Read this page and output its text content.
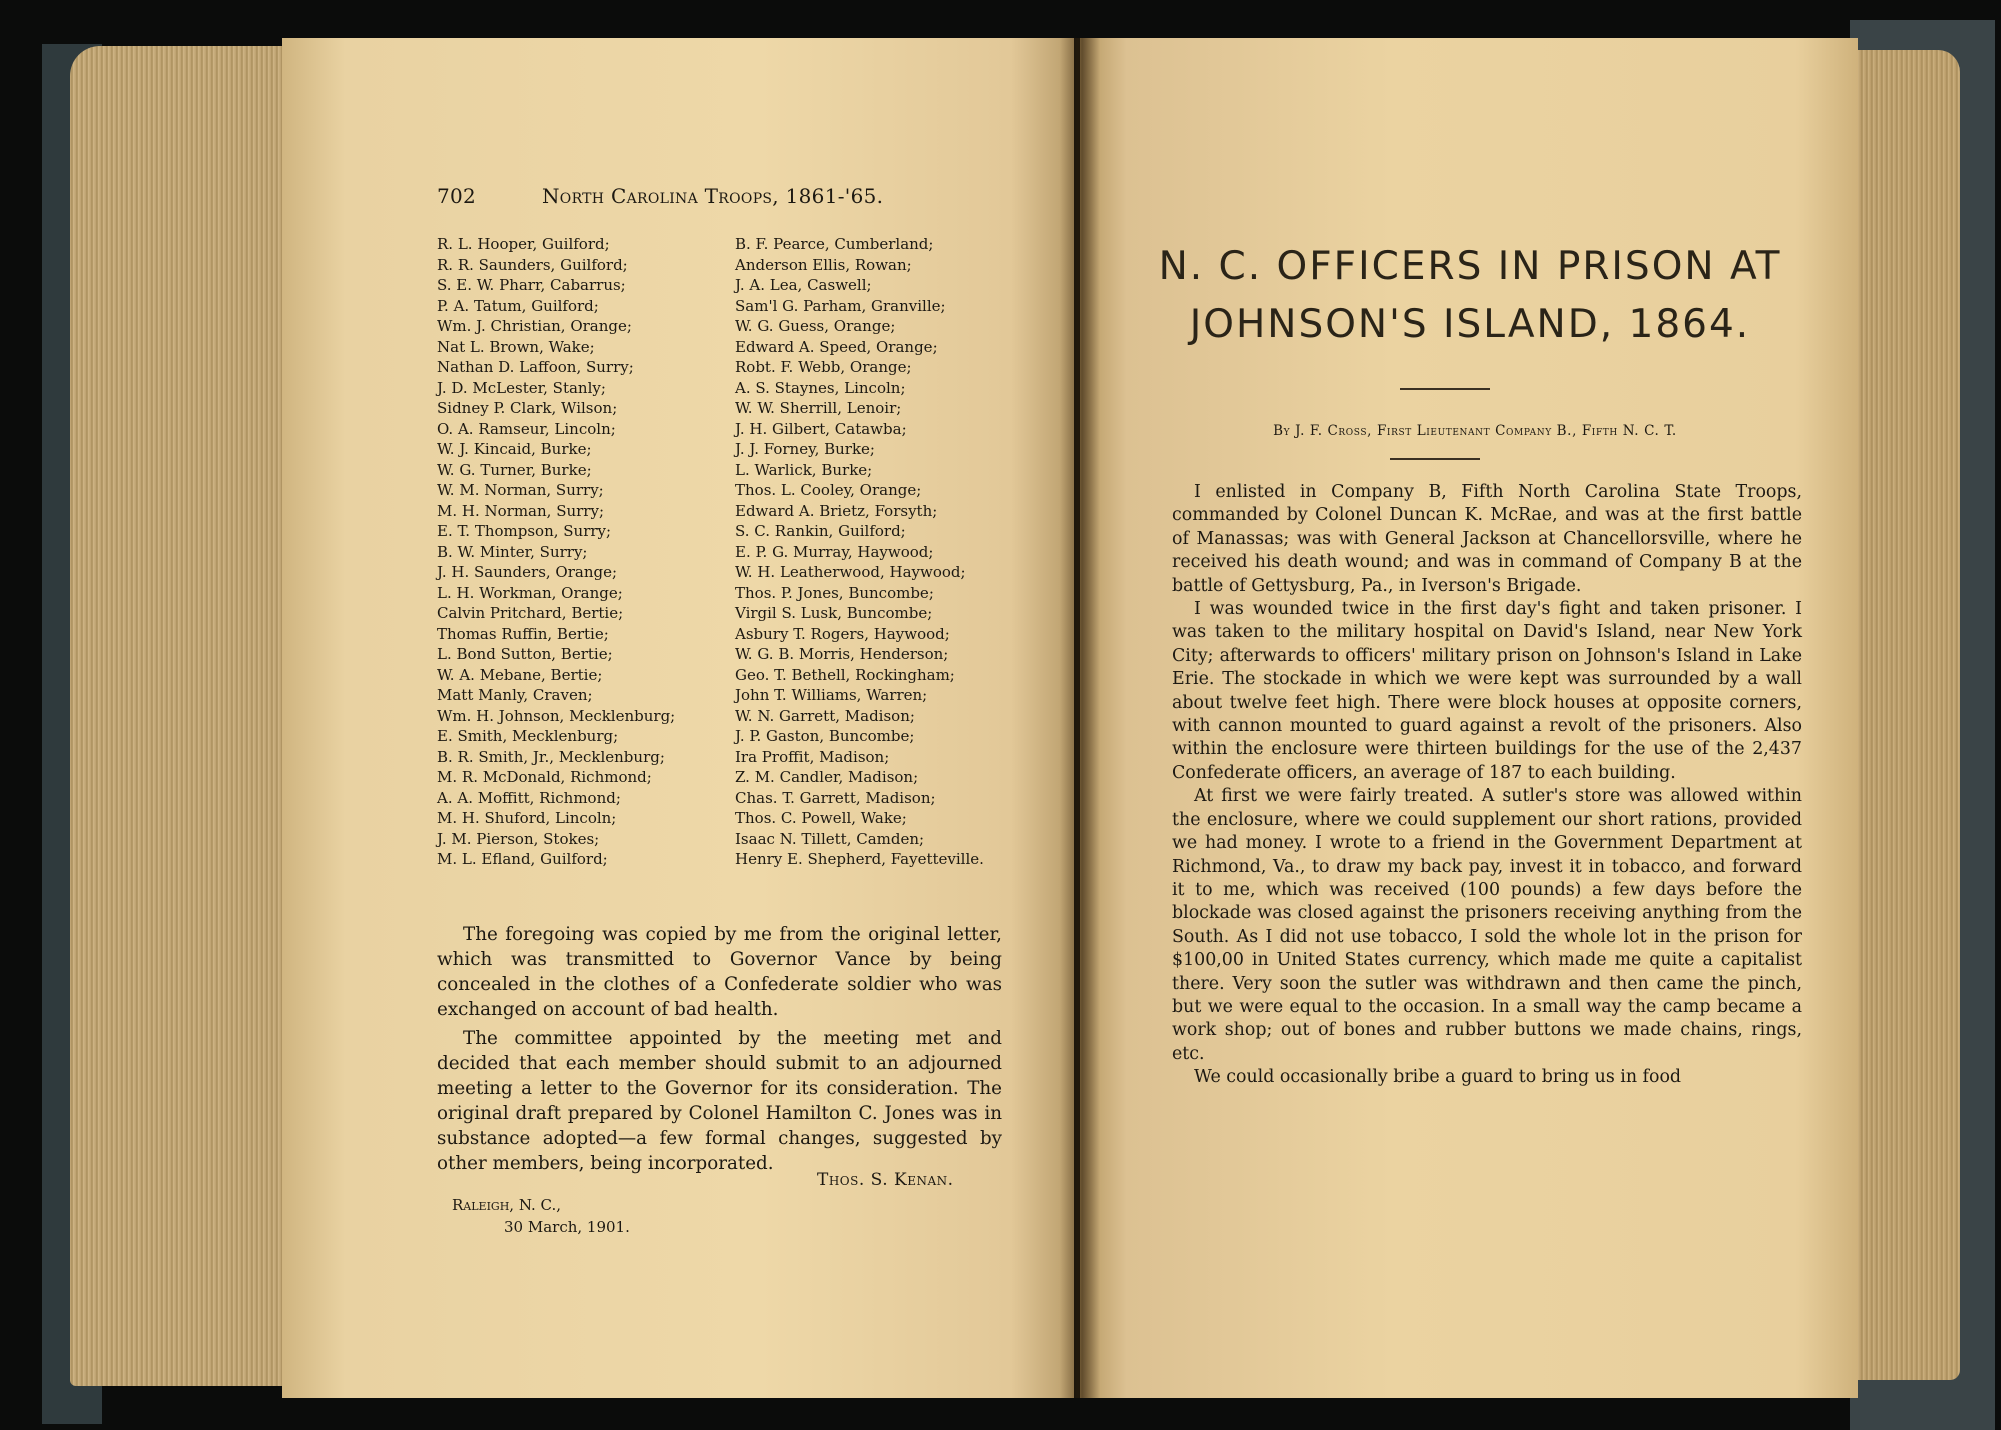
702	North Carolina Troops, 1861-'65.
R. L. Hooper, Guilford;
R. R. Saunders, Guilford;
S. E. W. Pharr, Cabarrus;
P. A. Tatum, Guilford;
Wm. J. Christian, Orange;
Nat L. Brown, Wake;
Nathan D. Laffoon, Surry;
J. D. McLester, Stanly;
Sidney P. Clark, Wilson;
O. A. Ramseur, Lincoln;
W. J. Kincaid, Burke;
W. G. Turner, Burke;
W. M. Norman, Surry;
M. H. Norman, Surry;
E. T. Thompson, Surry;
B. W. Minter, Surry;
J. H. Saunders, Orange;
L. H. Workman, Orange;
Calvin Pritchard, Bertie;
Thomas Ruffin, Bertie;
L. Bond Sutton, Bertie;
W. A. Mebane, Bertie;
Matt Manly, Craven;
Wm. H. Johnson, Mecklenburg;
E. Smith, Mecklenburg;
B. R. Smith, Jr., Mecklenburg;
M. R. McDonald, Richmond;
A. A. Moffitt, Richmond;
M. H. Shuford, Lincoln;
J. M. Pierson, Stokes;
M. L. Efland, Guilford;
B. F. Pearce, Cumberland;
Anderson Ellis, Rowan;
J. A. Lea, Caswell;
Sam'l G. Parham, Granville;
W. G. Guess, Orange;
Edward A. Speed, Orange;
Robt. F. Webb, Orange;
A. S. Staynes, Lincoln;
W. W. Sherrill, Lenoir;
J. H. Gilbert, Catawba;
J. J. Forney, Burke;
L. Warlick, Burke;
Thos. L. Cooley, Orange;
Edward A. Brietz, Forsyth;
S. C. Rankin, Guilford;
E. P. G. Murray, Haywood;
W. H. Leatherwood, Haywood;
Thos. P. Jones, Buncombe;
Virgil S. Lusk, Buncombe;
Asbury T. Rogers, Haywood;
W. G. B. Morris, Henderson;
Geo. T. Bethell, Rockingham;
John T. Williams, Warren;
W. N. Garrett, Madison;
J. P. Gaston, Buncombe;
Ira Proffit, Madison;
Z. M. Candler, Madison;
Chas. T. Garrett, Madison;
Thos. C. Powell, Wake;
Isaac N. Tillett, Camden;
Henry E. Shepherd, Fayetteville.

The foregoing was copied by me from the original letter, which was transmitted to Governor Vance by being concealed in the clothes of a Confederate soldier who was exchanged on account of bad health.

The committee appointed by the meeting met and decided that each member should submit to an adjourned meeting a letter to the Governor for its consideration. The original draft prepared by Colonel Hamilton C. Jones was in substance adopted—a few formal changes, suggested by other members, being incorporated.

Thos. S. Kenan.
Raleigh, N. C.,
30 March, 1901.
N. C. OFFICERS IN PRISON AT
JOHNSON'S ISLAND, 1864.
By J. F. Cross, First Lieutenant Company B., Fifth N. C. T.

I enlisted in Company B, Fifth North Carolina State Troops, commanded by Colonel Duncan K. McRae, and was at the first battle of Manassas; was with General Jackson at Chancellorsville, where he received his death wound; and was in command of Company B at the battle of Gettysburg, Pa., in Iverson's Brigade.

I was wounded twice in the first day's fight and taken prisoner. I was taken to the military hospital on David's Island, near New York City; afterwards to officers' military prison on Johnson's Island in Lake Erie. The stockade in which we were kept was surrounded by a wall about twelve feet high. There were block houses at opposite corners, with cannon mounted to guard against a revolt of the prisoners. Also within the enclosure were thirteen buildings for the use of the 2,437 Confederate officers, an average of 187 to each building.

At first we were fairly treated. A sutler's store was allowed within the enclosure, where we could supplement our short rations, provided we had money. I wrote to a friend in the Government Department at Richmond, Va., to draw my back pay, invest it in tobacco, and forward it to me, which was received (100 pounds) a few days before the blockade was closed against the prisoners receiving anything from the South. As I did not use tobacco, I sold the whole lot in the prison for $100,00 in United States currency, which made me quite a capitalist there. Very soon the sutler was withdrawn and then came the pinch, but we were equal to the occasion. In a small way the camp became a work shop; out of bones and rubber buttons we made chains, rings, etc.

We could occasionally bribe a guard to bring us in food
